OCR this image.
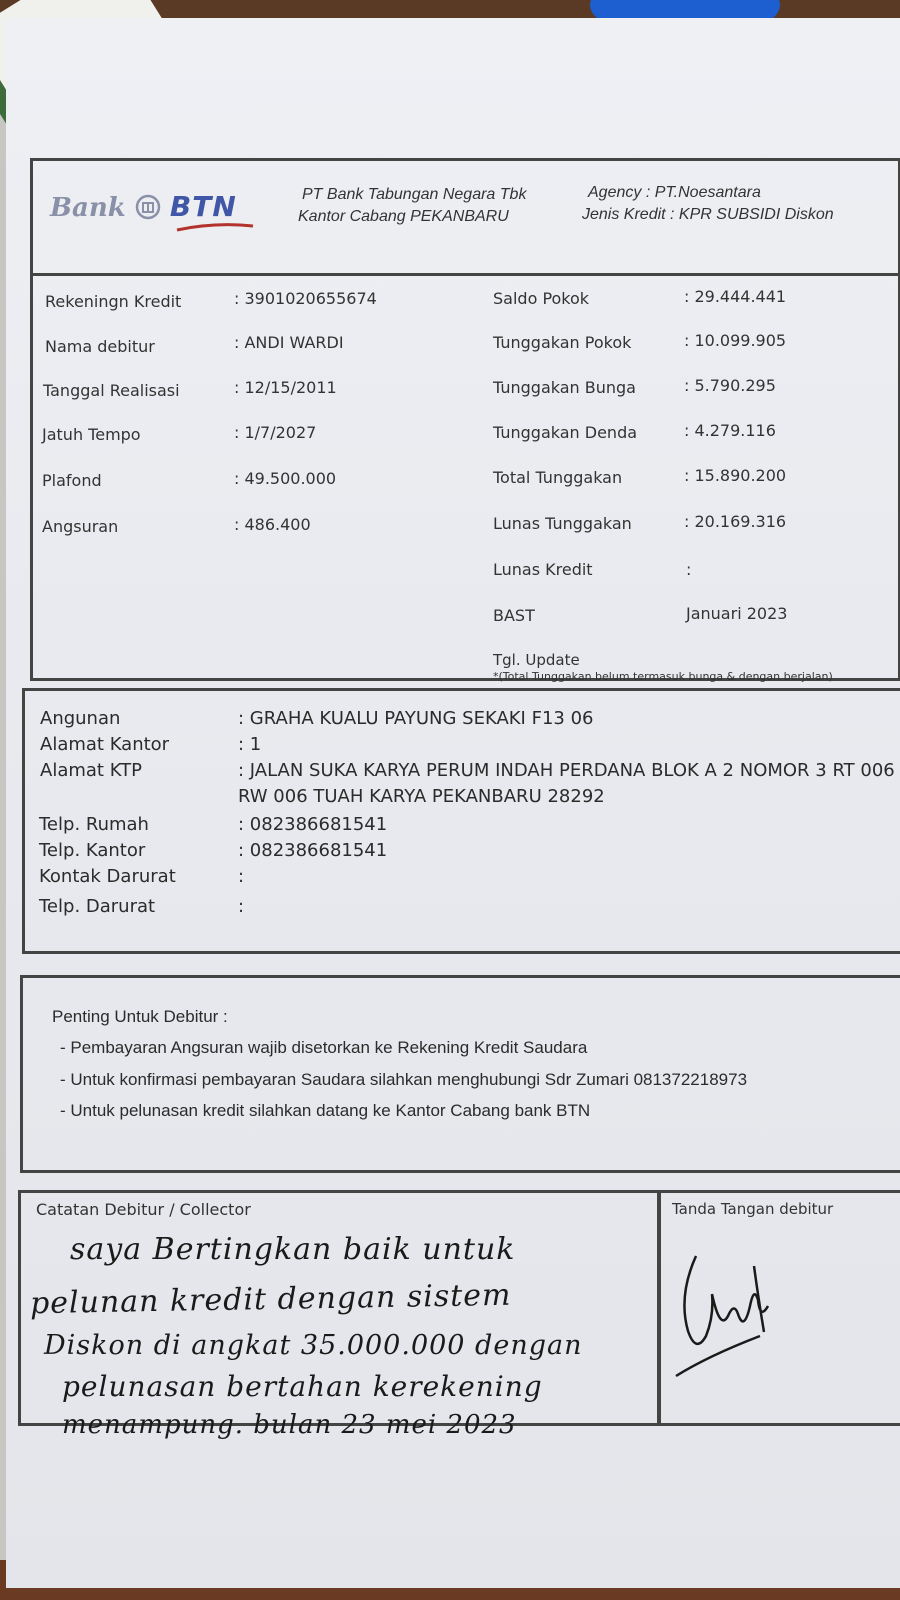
Bank BTN	PT Bank Tabungan Negara Tbk
Kantor Cabang PEKANBARU
Agency : PT.Noesantara
Jenis Kredit : KPR SUBSIDI Diskon
Rekeningn Kredit	: 3901020655674
Nama debitur	: ANDI WARDI
Tanggal Realisasi	: 12/15/2011
Jatuh Tempo	: 1/7/2027
Plafond	: 49.500.000
Angsuran	: 486.400
Saldo Pokok	: 29.444.441
Tunggakan Pokok	: 10.099.905
Tunggakan Bunga	: 5.790.295
Tunggakan Denda	: 4.279.116
Total Tunggakan	: 15.890.200
Lunas Tunggakan	: 20.169.316
Lunas Kredit	:
BAST	Januari 2023
Tgl. Update
*(Total Tunggakan belum termasuk bunga & dengan berjalan)
Angunan	: GRAHA KUALU PAYUNG SEKAKI F13 06
Alamat Kantor	: 1
Alamat KTP	: JALAN SUKA KARYA PERUM INDAH PERDANA BLOK A 2 NOMOR 3 RT 006
RW 006 TUAH KARYA PEKANBARU 28292
Telp. Rumah	: 082386681541
Telp. Kantor	: 082386681541
Kontak Darurat	:
Telp. Darurat	:
Penting Untuk Debitur :
- Pembayaran Angsuran wajib disetorkan ke Rekening Kredit Saudara
- Untuk konfirmasi pembayaran Saudara silahkan menghubungi Sdr Zumari 081372218973
- Untuk pelunasan kredit silahkan datang ke Kantor Cabang bank BTN
Catatan Debitur / Collector	Tanda Tangan debitur
saya Bertingkan baik untuk
pelunan kredit dengan sistem
Diskon di angkat 35.000.000 dengan
pelunasan bertahan kerekening
menampung. bulan 23 mei 2023
